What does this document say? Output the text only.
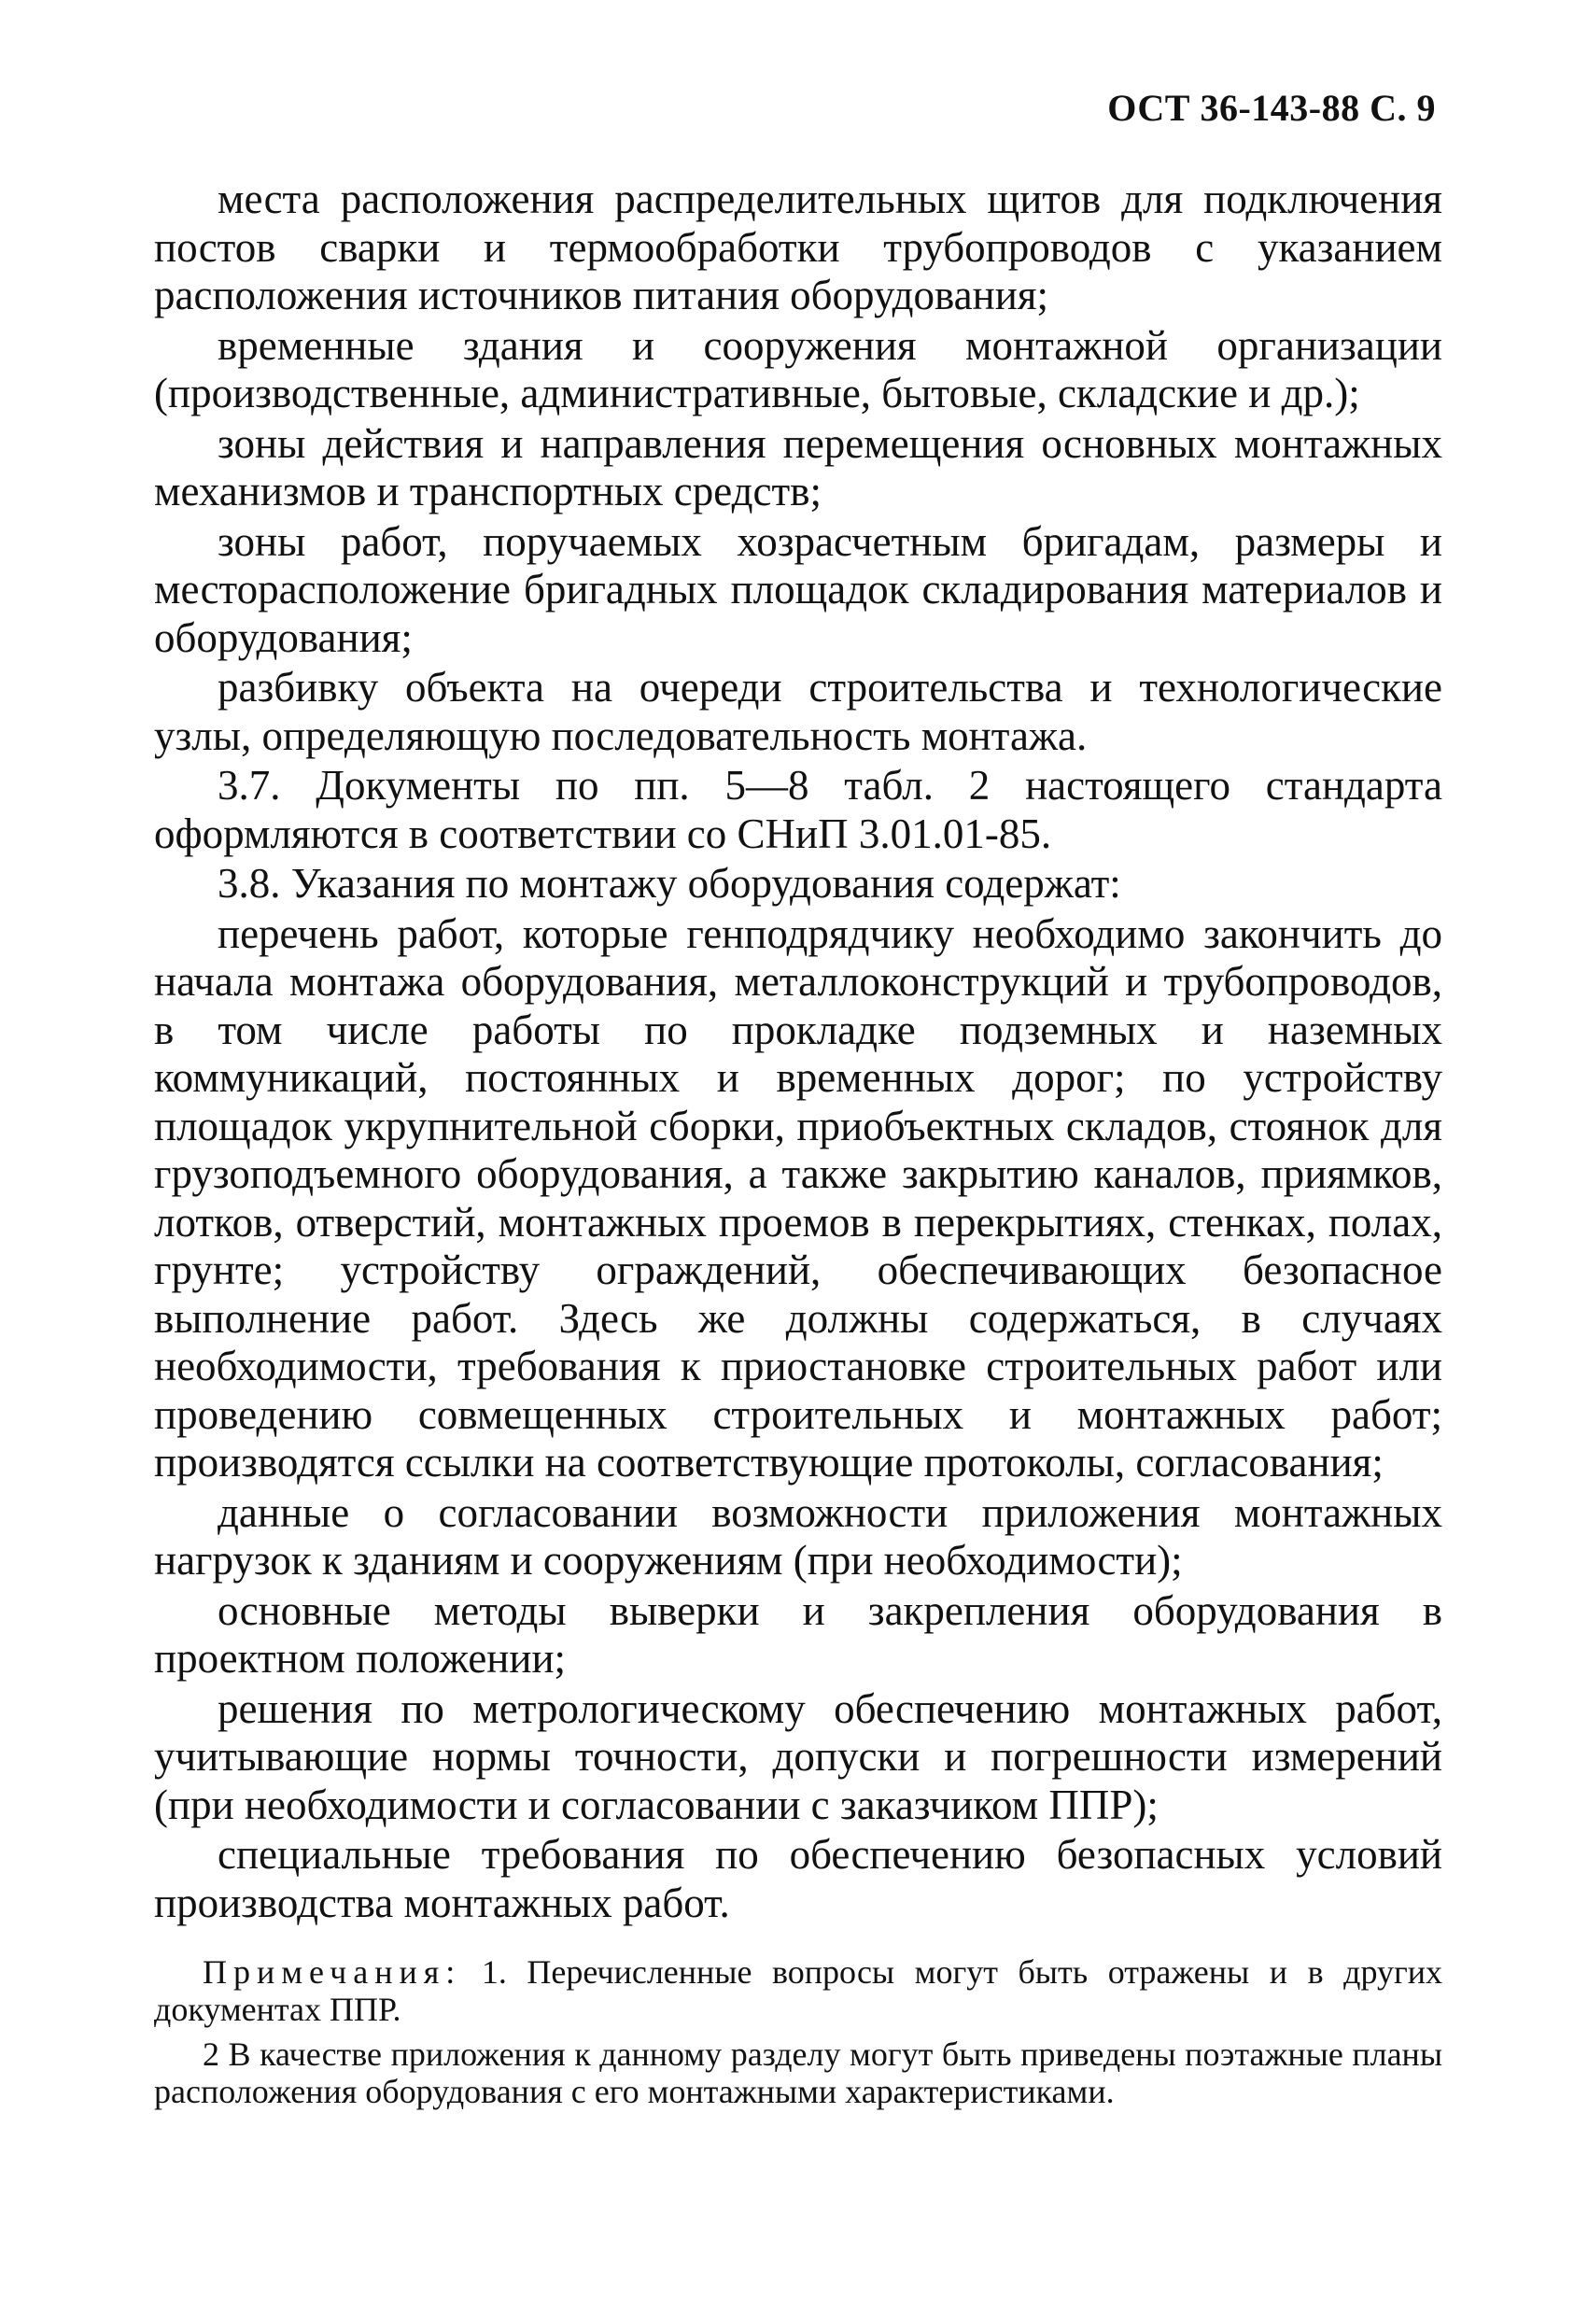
ОСТ 36-143-88 С. 9

места расположения распределительных щитов для подключения постов сварки и термообработки трубопроводов с указанием расположения источников питания оборудования;

временные здания и сооружения монтажной организации (производственные, административные, бытовые, складские и др.);

зоны действия и направления перемещения основных монтажных механизмов и транспортных средств;

зоны работ, поручаемых хозрасчетным бригадам, размеры и месторасположение бригадных площадок складирования материалов и оборудования;

разбивку объекта на очереди строительства и технологические узлы, определяющую последовательность монтажа.

3.7. Документы по пп. 5—8 табл. 2 настоящего стандарта оформляются в соответствии со СНиП 3.01.01-85.

3.8. Указания по монтажу оборудования содержат:

перечень работ, которые генподрядчику необходимо закончить до начала монтажа оборудования, металлоконструкций и трубопроводов, в том числе работы по прокладке подземных и наземных коммуникаций, постоянных и временных дорог; по устройству площадок укрупнительной сборки, приобъектных складов, стоянок для грузоподъемного оборудования, а также закрытию каналов, приямков, лотков, отверстий, монтажных проемов в перекрытиях, стенках, полах, грунте; устройству ограждений, обеспечивающих безопасное выполнение работ. Здесь же должны содержаться, в случаях необходимости, требования к приостановке строительных работ или проведению совмещенных строительных и монтажных работ; производятся ссылки на соответствующие протоколы, согласования;

данные о согласовании возможности приложения монтажных нагрузок к зданиям и сооружениям (при необходимости);

основные методы выверки и закрепления оборудования в проектном положении;

решения по метрологическому обеспечению монтажных работ, учитывающие нормы точности, допуски и погрешности измерений (при необходимости и согласовании с заказчиком ППР);

специальные требования по обеспечению безопасных условий производства монтажных работ.

Примечания: 1. Перечисленные вопросы могут быть отражены и в других документах ППР.

2 В качестве приложения к данному разделу могут быть приведены поэтажные планы расположения оборудования с его монтажными характеристиками.
